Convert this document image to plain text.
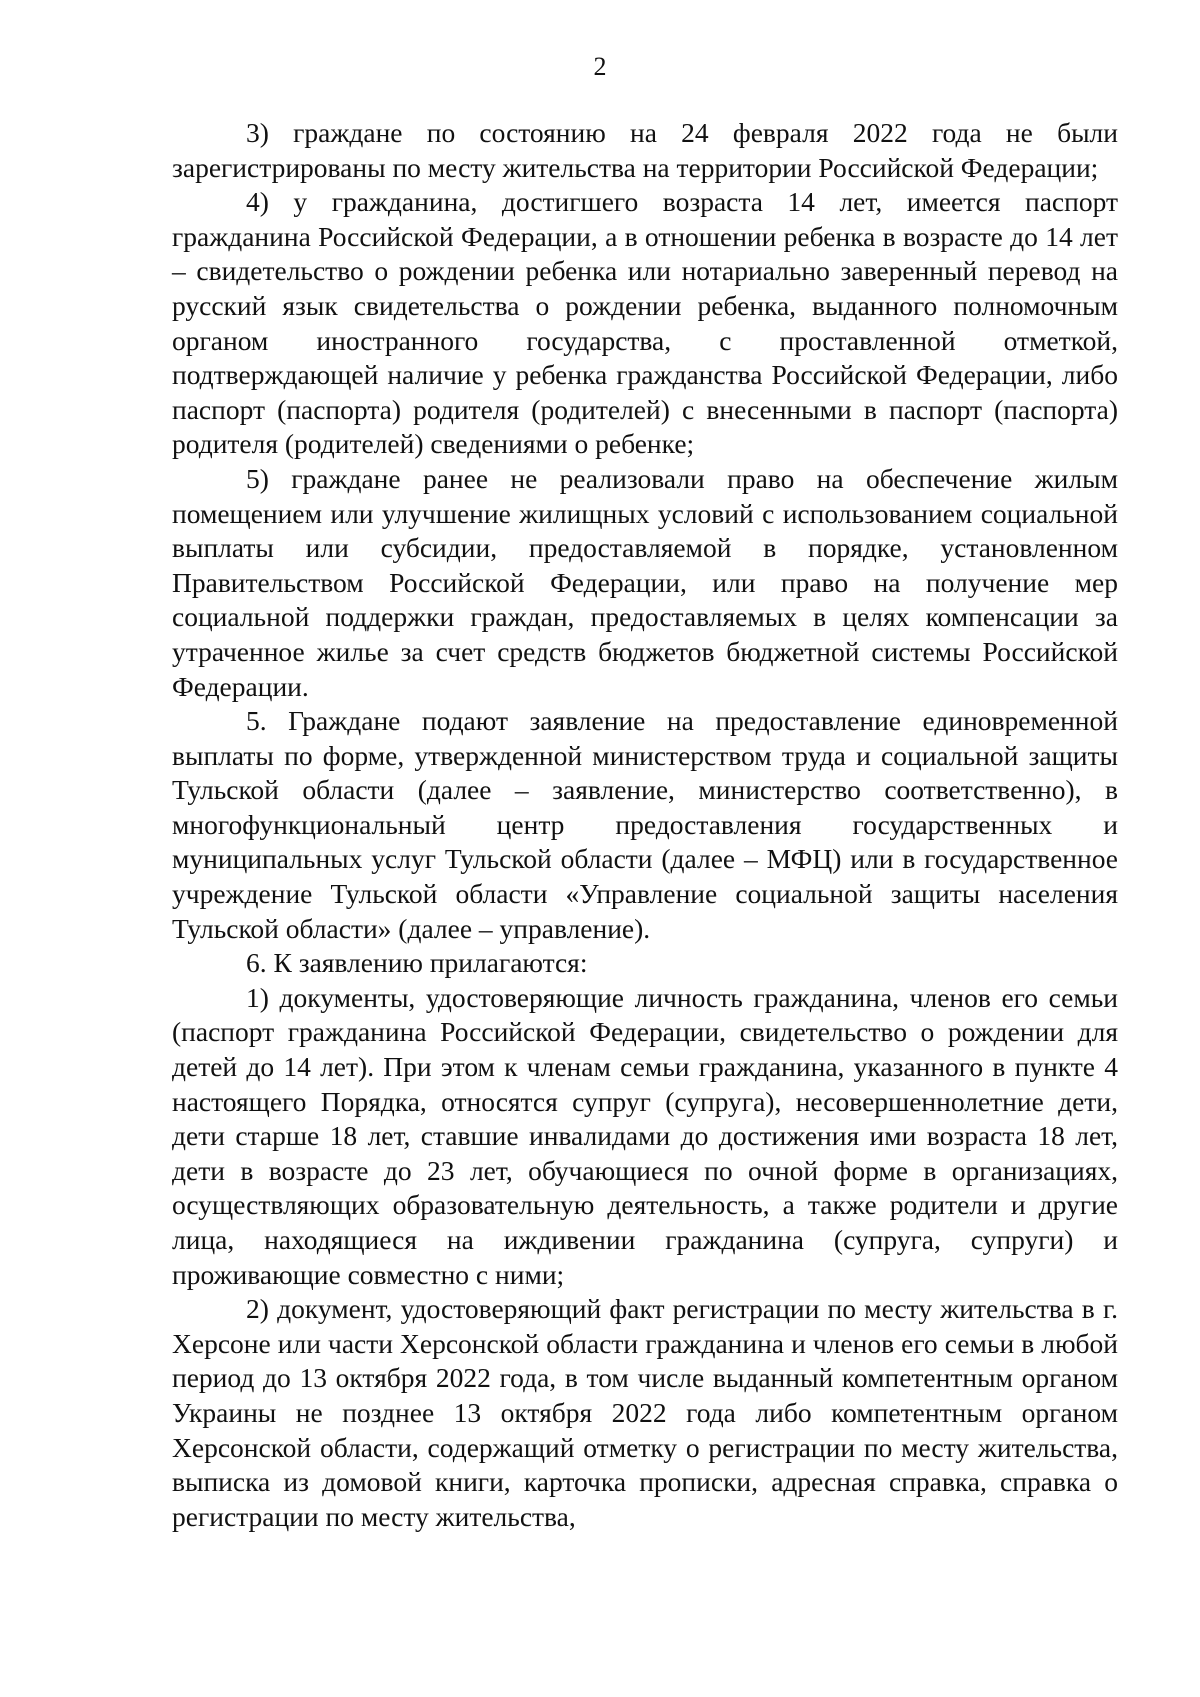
2

3) граждане по состоянию на 24 февраля 2022 года не были зарегистрированы по месту жительства на территории Российской Федерации;

4) у гражданина, достигшего возраста 14 лет, имеется паспорт гражданина Российской Федерации, а в отношении ребенка в возрасте до 14 лет – свидетельство о рождении ребенка или нотариально заверенный перевод на русский язык свидетельства о рождении ребенка, выданного полномочным органом иностранного государства, с проставленной отметкой, подтверждающей наличие у ребенка гражданства Российской Федерации, либо паспорт (паспорта) родителя (родителей) с внесенными в паспорт (паспорта) родителя (родителей) сведениями о ребенке;

5) граждане ранее не реализовали право на обеспечение жилым помещением или улучшение жилищных условий с использованием социальной выплаты или субсидии, предоставляемой в порядке, установленном Правительством Российской Федерации, или право на получение мер социальной поддержки граждан, предоставляемых в целях компенсации за утраченное жилье за счет средств бюджетов бюджетной системы Российской Федерации.

5. Граждане подают заявление на предоставление единовременной выплаты по форме, утвержденной министерством труда и социальной защиты Тульской области (далее – заявление, министерство соответственно), в многофункциональный центр предоставления государственных и муниципальных услуг Тульской области (далее – МФЦ) или в государственное учреждение Тульской области «Управление социальной защиты населения Тульской области» (далее – управление).

6. К заявлению прилагаются:

1) документы, удостоверяющие личность гражданина, членов его семьи (паспорт гражданина Российской Федерации, свидетельство о рождении для детей до 14 лет). При этом к членам семьи гражданина, указанного в пункте 4 настоящего Порядка, относятся супруг (супруга), несовершеннолетние дети, дети старше 18 лет, ставшие инвалидами до достижения ими возраста 18 лет, дети в возрасте до 23 лет, обучающиеся по очной форме в организациях, осуществляющих образовательную деятельность, а также родители и другие лица, находящиеся на иждивении гражданина (супруга, супруги) и проживающие совместно с ними;

2) документ, удостоверяющий факт регистрации по месту жительства в г. Херсоне или части Херсонской области гражданина и членов его семьи в любой период до 13 октября 2022 года, в том числе выданный компетентным органом Украины не позднее 13 октября 2022 года либо компетентным органом Херсонской области, содержащий отметку о регистрации по месту жительства, выписка из домовой книги, карточка прописки, адресная справка, справка о регистрации по месту жительства,
